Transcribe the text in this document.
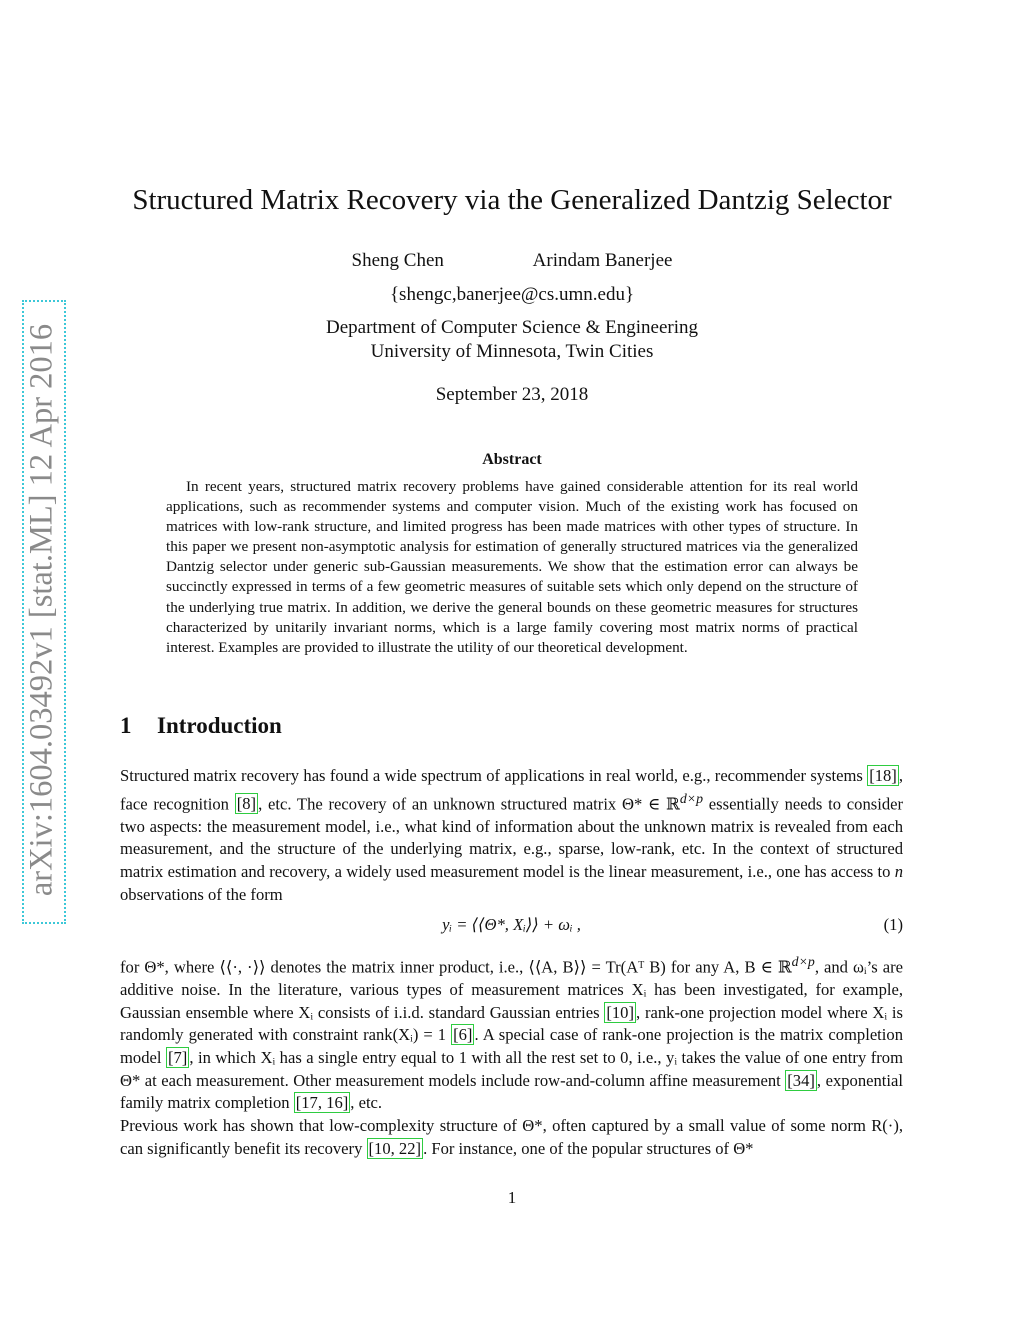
arXiv:1604.03492v1 [stat.ML] 12 Apr 2016
Structured Matrix Recovery via the Generalized Dantzig Selector
Sheng Chen	Arindam Banerjee
{shengc,banerjee@cs.umn.edu}
Department of Computer Science & Engineering
University of Minnesota, Twin Cities
September 23, 2018
Abstract
In recent years, structured matrix recovery problems have gained considerable attention for its real world applications, such as recommender systems and computer vision. Much of the existing work has focused on matrices with low-rank structure, and limited progress has been made matrices with other types of structure. In this paper we present non-asymptotic analysis for estimation of generally structured matrices via the generalized Dantzig selector under generic sub-Gaussian measurements. We show that the estimation error can always be succinctly expressed in terms of a few geometric measures of suitable sets which only depend on the structure of the underlying true matrix. In addition, we derive the general bounds on these geometric measures for structures characterized by unitarily invariant norms, which is a large family covering most matrix norms of practical interest. Examples are provided to illustrate the utility of our theoretical development.
1 Introduction
Structured matrix recovery has found a wide spectrum of applications in real world, e.g., recommender systems [18] , face recognition [8] , etc. The recovery of an unknown structured matrix Θ* ∈ ℝ$^{d\times p}$ essentially needs to consider two aspects: the measurement model, i.e., what kind of information about the unknown matrix is revealed from each measurement, and the structure of the underlying matrix, e.g., sparse, low-rank, etc. In the context of structured matrix estimation and recovery, a widely used measurement model is the linear measurement, i.e., one has access to n observations of the form
yᵢ = ⟨⟨Θ*, Xᵢ⟩⟩ + ωᵢ ,	(1)
for Θ*, where ⟨⟨·, ·⟩⟩ denotes the matrix inner product, i.e., ⟨⟨A, B⟩⟩ = Tr(Aᵀ B) for any A, B ∈ ℝ$^{d\times p}$, and ωᵢ’s are additive noise. In the literature, various types of measurement matrices Xᵢ has been investigated, for example, Gaussian ensemble where Xᵢ consists of i.i.d. standard Gaussian entries [10] , rank-one projection model where Xᵢ is randomly generated with constraint rank(Xᵢ) = 1 [6] . A special case of rank-one projection is the matrix completion model [7] , in which Xᵢ has a single entry equal to 1 with all the rest set to 0, i.e., yᵢ takes the value of one entry from Θ* at each measurement. Other measurement models include row-and-column affine measurement [34] , exponential family matrix completion [17, 16] , etc.
Previous work has shown that low-complexity structure of Θ*, often captured by a small value of some norm R(·), can significantly benefit its recovery [10, 22] . For instance, one of the popular structures of Θ*
1
